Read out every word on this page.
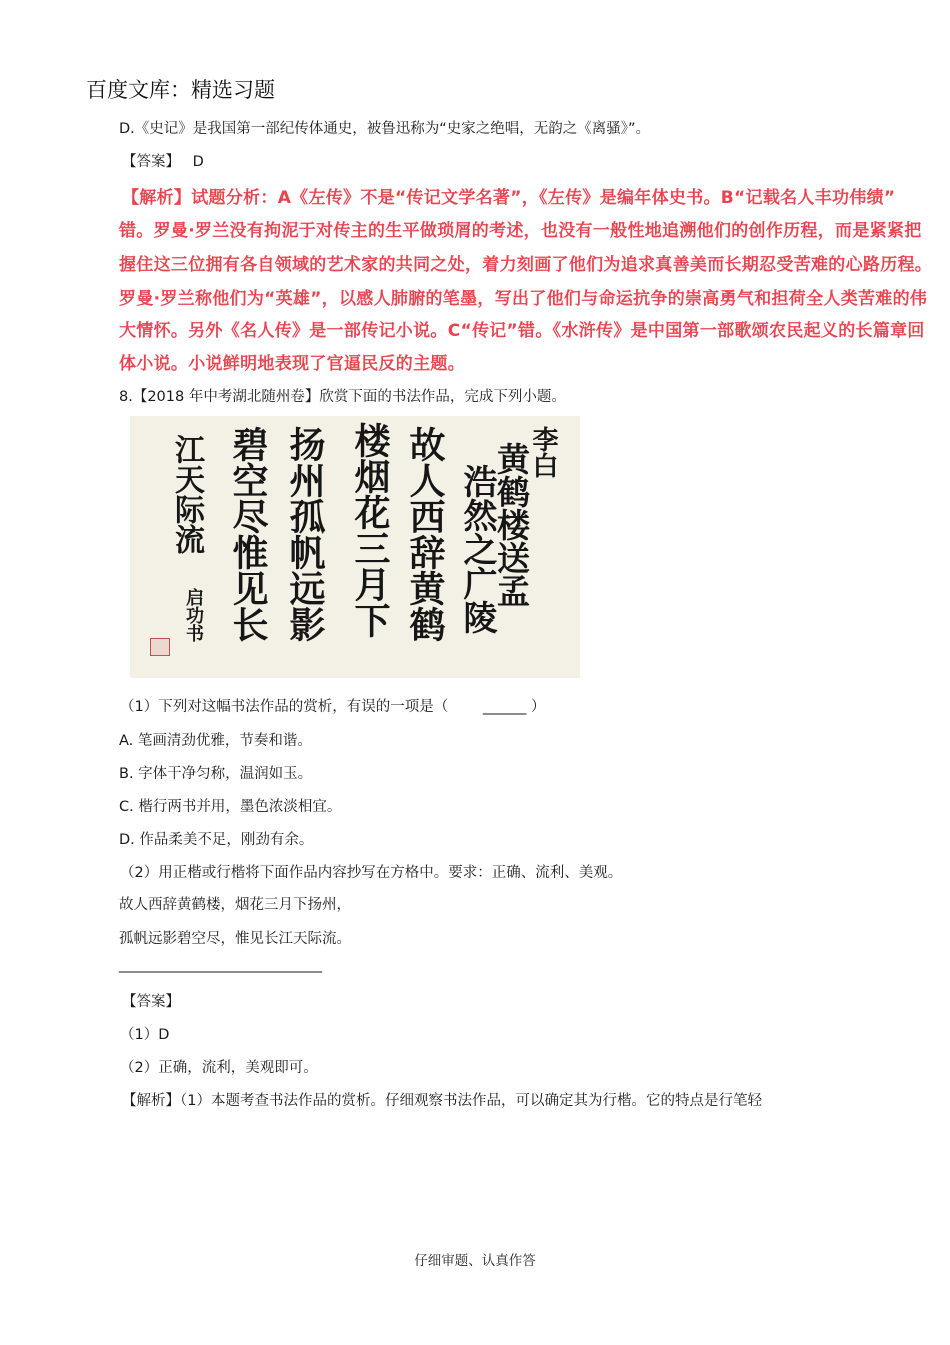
百度文库：精选习题
D.《史记》是我国第一部纪传体通史，被鲁迅称为“史家之绝唱，无韵之《离骚》”。
【答案】 D
【解析】试题分析：A《左传》不是“传记文学名著”，《左传》是编年体史书。B“记载名人丰功伟绩”
错。罗曼·罗兰没有拘泥于对传主的生平做琐屑的考述，也没有一般性地追溯他们的创作历程，而是紧紧把
握住这三位拥有各自领域的艺术家的共同之处，着力刻画了他们为追求真善美而长期忍受苦难的心路历程。
罗曼·罗兰称他们为“英雄”，以感人肺腑的笔墨，写出了他们与命运抗争的崇高勇气和担荷全人类苦难的伟
大情怀。另外《名人传》是一部传记小说。C“传记”错。《水浒传》是中国第一部歌颂农民起义的长篇章回
体小说。小说鲜明地表现了官逼民反的主题。
8.【2018 年中考湖北随州卷】欣赏下面的书法作品，完成下列小题。
李白
黄鹤楼送孟
浩然之广陵
故人西辞黄鹤
楼烟花三月下
扬州孤帆远影
碧空尽惟见长
江天际流
启功书
（1）下列对这幅书法作品的赏析，有误的一项是（ ______ ）
A. 笔画清劲优雅，节奏和谐。
B. 字体干净匀称，温润如玉。
C. 楷行两书并用，墨色浓淡相宜。
D. 作品柔美不足，刚劲有余。
（2）用正楷或行楷将下面作品内容抄写在方格中。要求：正确、流利、美观。
故人西辞黄鹤楼，烟花三月下扬州，
孤帆远影碧空尽，惟见长江天际流。
______________________________
【答案】
（1）D
（2）正确，流利，美观即可。
【解析】（1）本题考查书法作品的赏析。仔细观察书法作品，可以确定其为行楷。它的特点是行笔轻
仔细审题、认真作答
